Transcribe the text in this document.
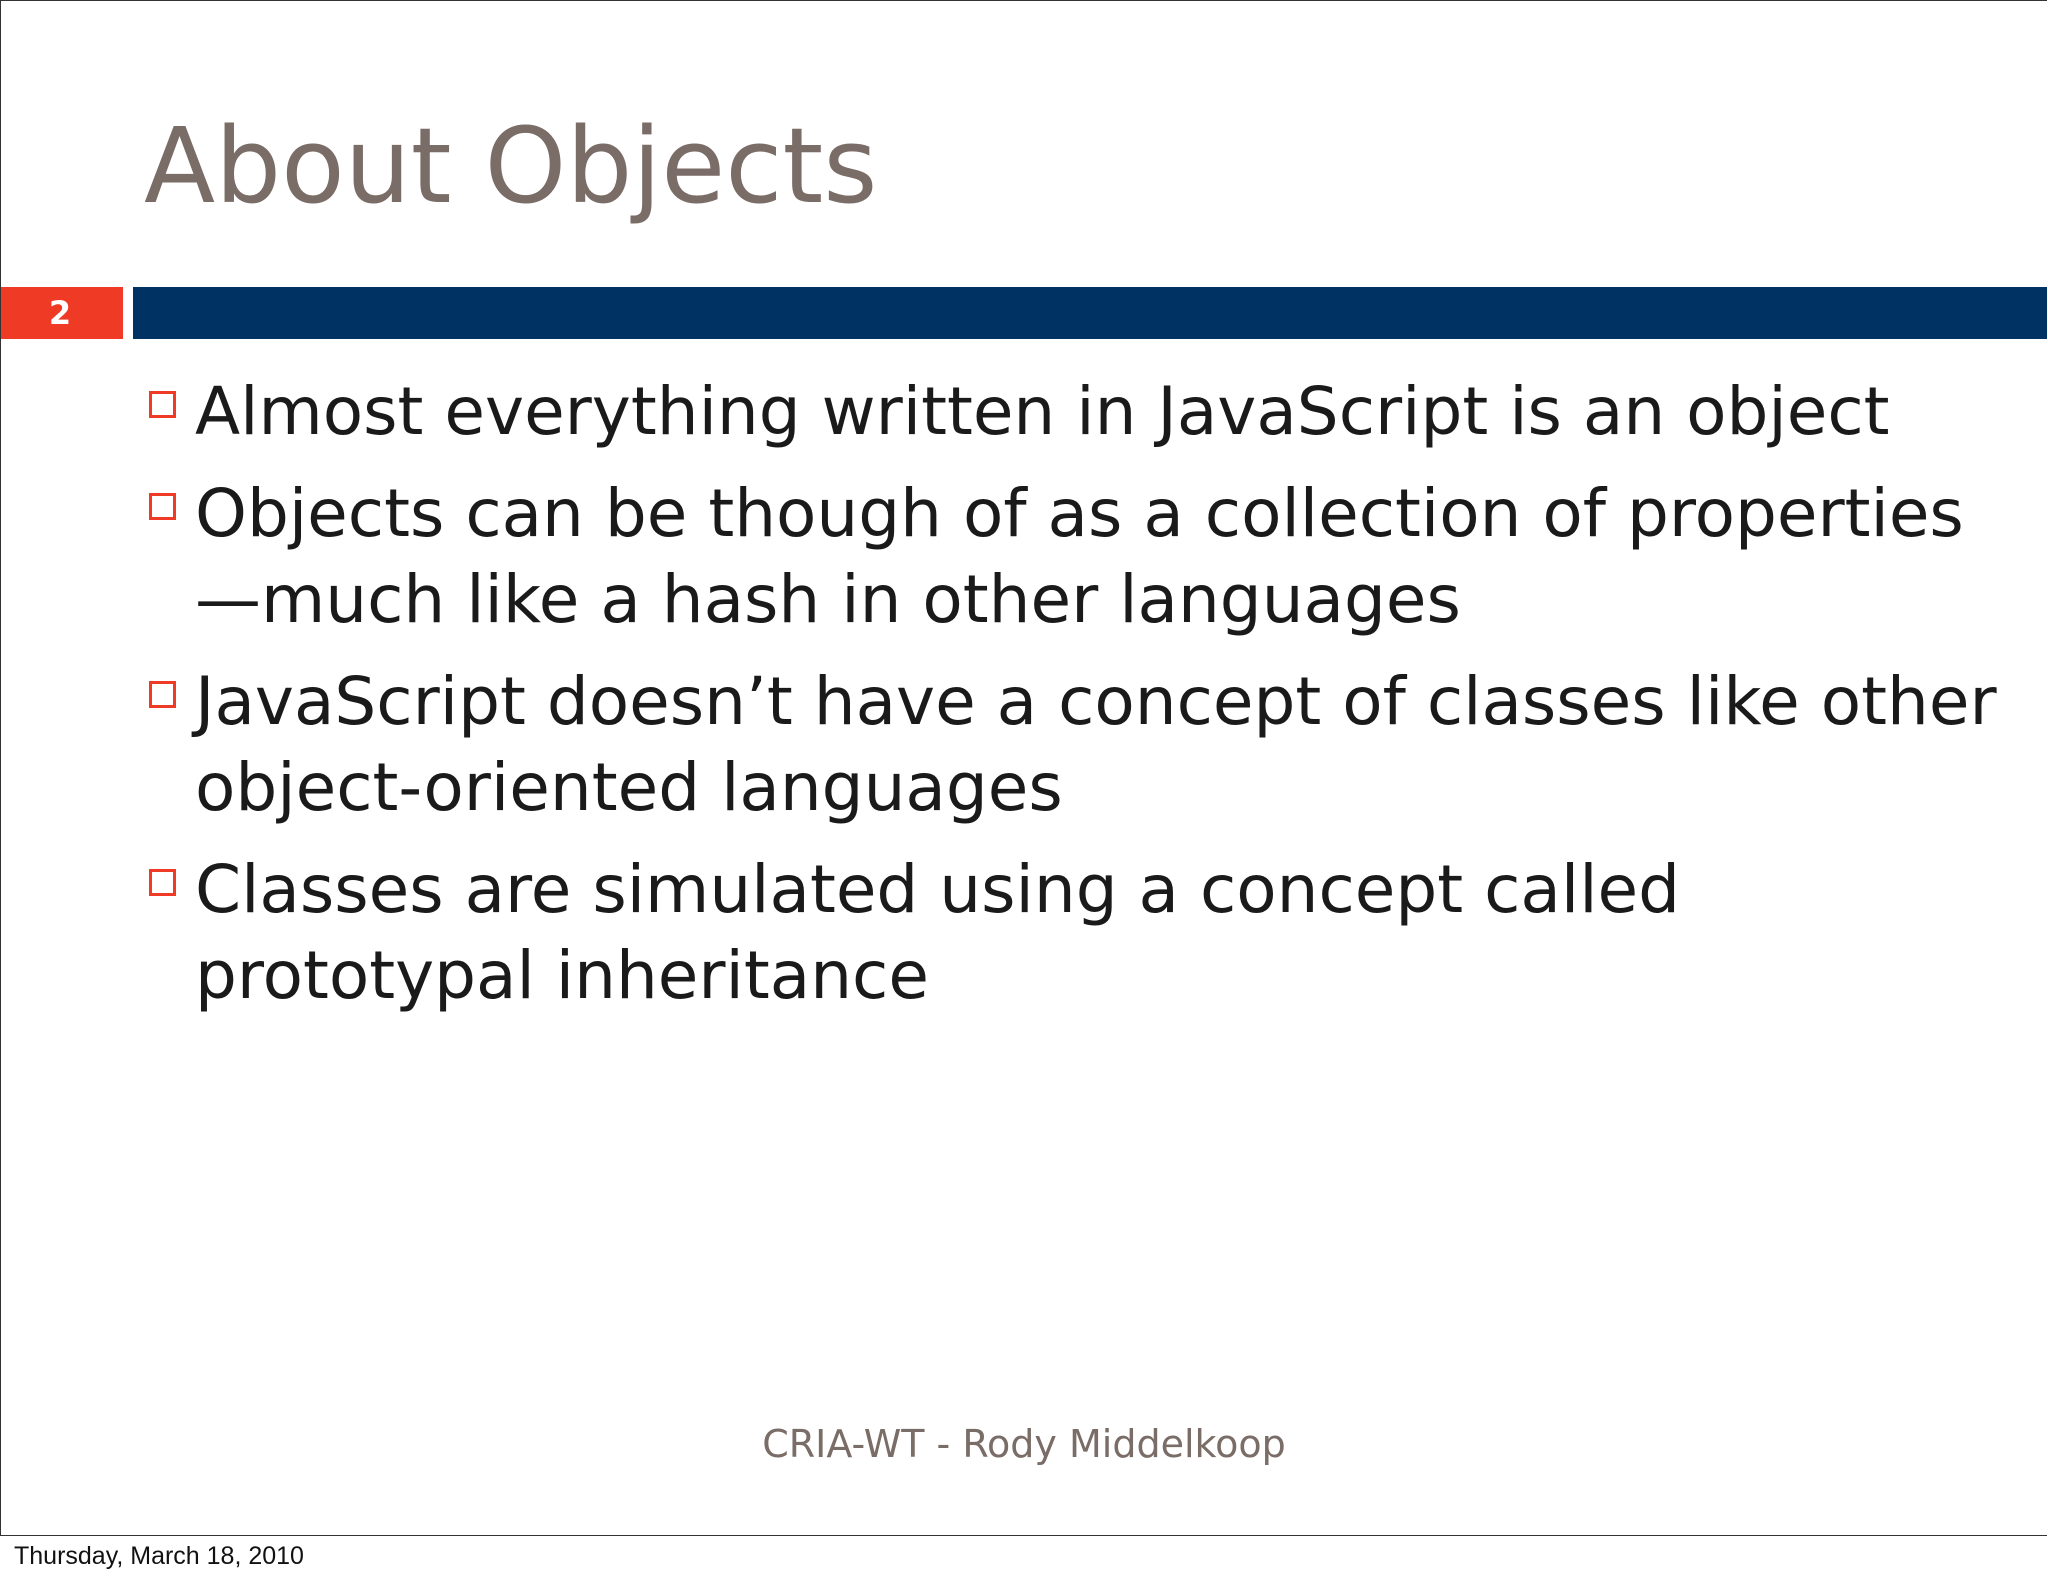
About Objects
2
Almost everything written in JavaScript is an object
Objects can be though of as a collection of properties
—much like a hash in other languages
JavaScript doesn’t have a concept of classes like other
object-oriented languages
Classes are simulated using a concept called
prototypal inheritance
CRIA-WT - Rody Middelkoop
Thursday, March 18, 2010
